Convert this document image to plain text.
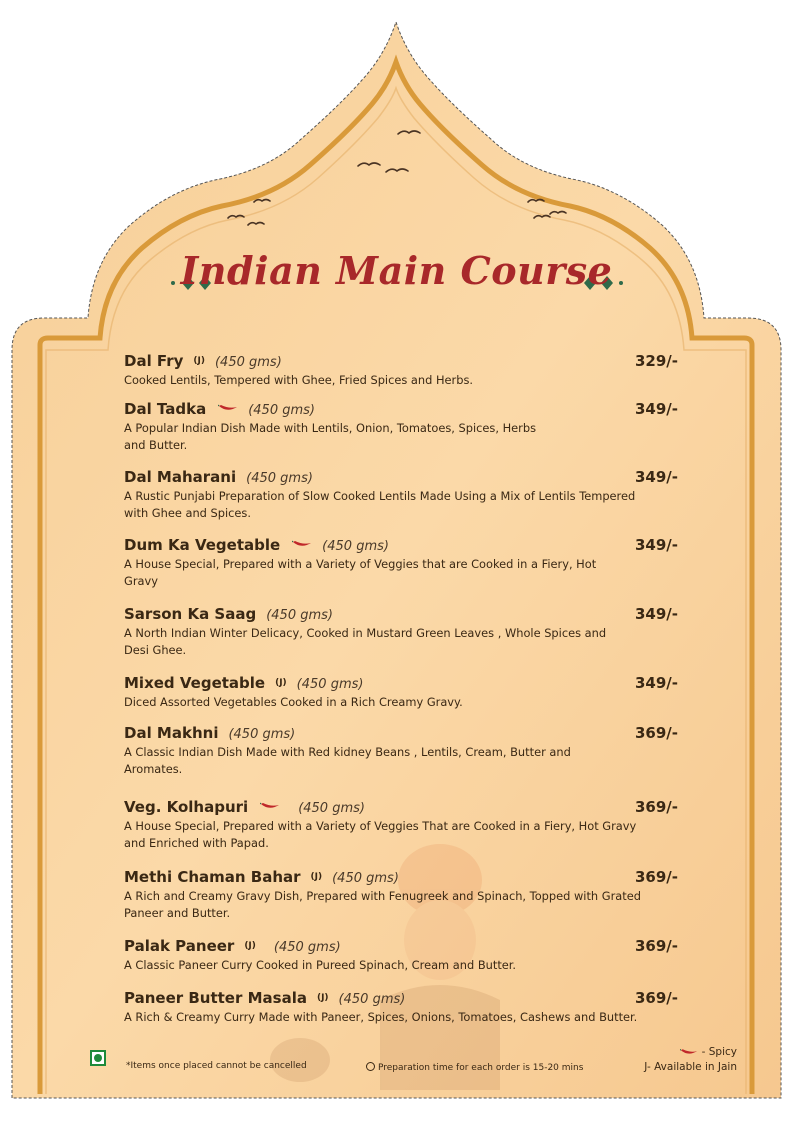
Indian Main Course
Dal Fry (J) (450 gms)	329/-
Cooked Lentils, Tempered with Ghee, Fried Spices and Herbs.
Dal Tadka	(450 gms)	349/-
A Popular Indian Dish Made with Lentils, Onion, Tomatoes, Spices, Herbs and Butter.
Dal Maharani (450 gms)	349/-
A Rustic Punjabi Preparation of Slow Cooked Lentils Made Using a Mix of Lentils Tempered with Ghee and Spices.
Dum Ka Vegetable	(450 gms)	349/-
A House Special, Prepared with a Variety of Veggies that are Cooked in a Fiery, Hot Gravy
Sarson Ka Saag (450 gms)	349/-
A North Indian Winter Delicacy, Cooked in Mustard Green Leaves , Whole Spices and Desi Ghee.
Mixed Vegetable (J) (450 gms)	349/-
Diced Assorted Vegetables Cooked in a Rich Creamy Gravy.
Dal Makhni (450 gms)	369/-
A Classic Indian Dish Made with Red kidney Beans , Lentils, Cream, Butter and Aromates.
Veg. Kolhapuri	(450 gms)	369/-
A House Special, Prepared with a Variety of Veggies That are Cooked in a Fiery, Hot Gravy and Enriched with Papad.
Methi Chaman Bahar (J) (450 gms)	369/-
A Rich and Creamy Gravy Dish, Prepared with Fenugreek and Spinach, Topped with Grated Paneer and Butter.
Palak Paneer (J) (450 gms)	369/-
A Classic Paneer Curry Cooked in Pureed Spinach, Cream and Butter.
Paneer Butter Masala (J) (450 gms)	369/-
A Rich & Creamy Curry Made with Paneer, Spices, Onions, Tomatoes, Cashews and Butter.
*Items once placed cannot be cancelled	Preparation time for each order is 15-20 mins
- Spicy
J- Available in Jain
